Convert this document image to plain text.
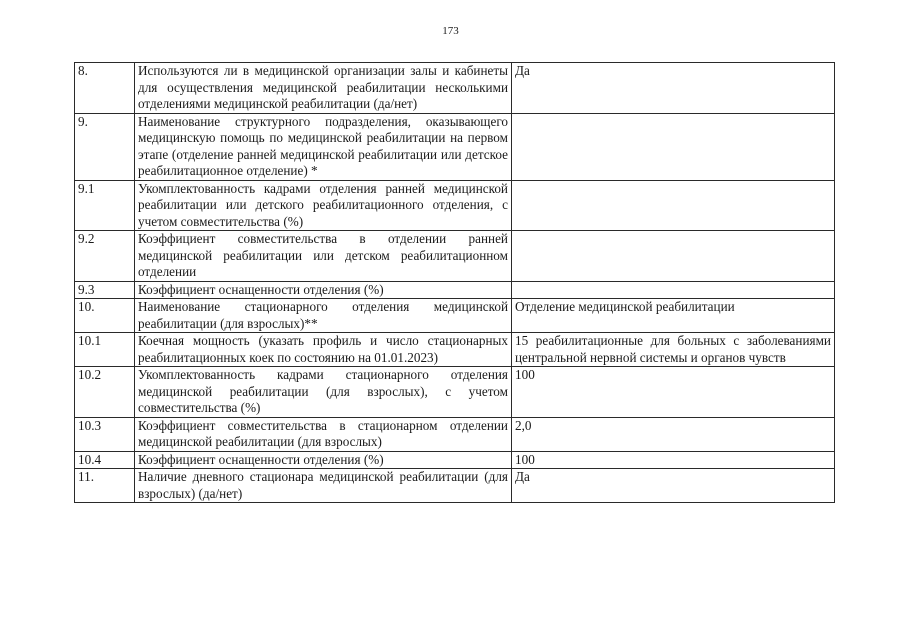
173
8.	Используются ли в медицинской организации залы и кабинеты для осуществления медицинской реабилитации несколькими отделениями медицинской реабилитации (да/нет)	Да
9.	Наименование структурного подразделения, оказывающего медицинскую помощь по медицинской реабилитации на первом этапе (отделение ранней медицинской реабилитации или детское реабилитационное отделение) *	
9.1	Укомплектованность кадрами отделения ранней медицинской реабилитации или детского реабилитационного отделения, с учетом совместительства (%)	
9.2	Коэффициент совместительства в отделении ранней медицинской реабилитации или детском реабилитационном отделении	
9.3	Коэффициент оснащенности отделения (%)	
10.	Наименование стационарного отделения медицинской реабилитации (для взрослых)**	Отделение медицинской реабилитации
10.1	Коечная мощность (указать профиль и число стационарных реабилитационных коек по состоянию на 01.01.2023)	15 реабилитационные для больных с заболеваниями центральной нервной системы и органов чувств
10.2	Укомплектованность кадрами стационарного отделения медицинской реабилитации (для взрослых), с учетом совместительства (%)	100
10.3	Коэффициент совместительства в стационарном отделении медицинской реабилитации (для взрослых)	2,0
10.4	Коэффициент оснащенности отделения (%)	100
11.	Наличие дневного стационара медицинской реабилитации (для взрослых) (да/нет)	Да
